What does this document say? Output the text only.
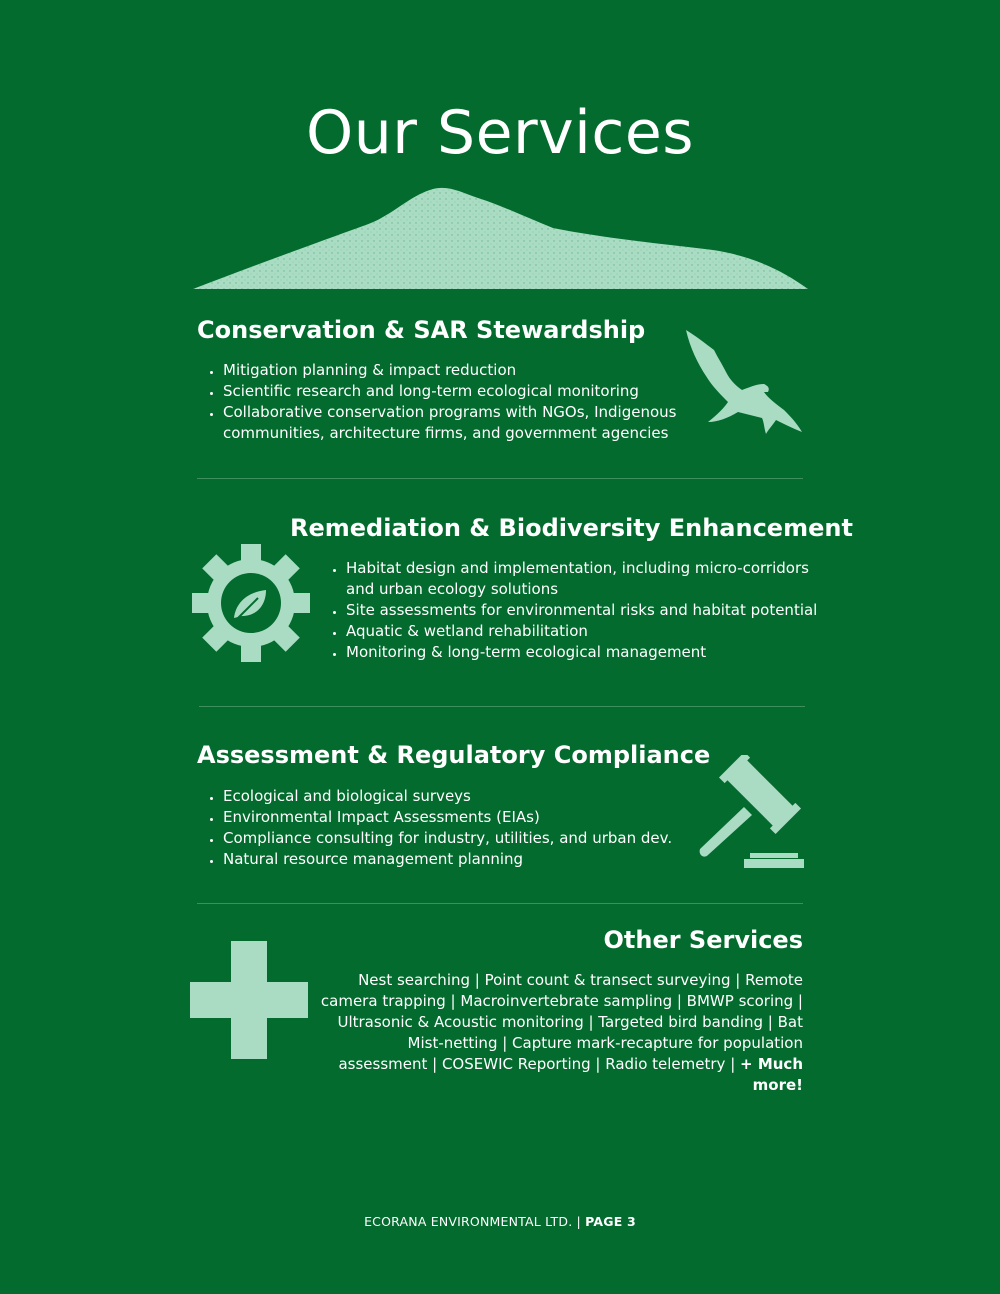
Our Services
Conservation & SAR Stewardship
• Mitigation planning & impact reduction
• Scientific research and long-term ecological monitoring
• Collaborative conservation programs with NGOs, Indigenous communities, architecture firms, and government agencies
Remediation & Biodiversity Enhancement
• Habitat design and implementation, including micro-corridors and urban ecology solutions
• Site assessments for environmental risks and habitat potential
• Aquatic & wetland rehabilitation
• Monitoring & long-term ecological management
Assessment & Regulatory Compliance
• Ecological and biological surveys
• Environmental Impact Assessments (EIAs)
• Compliance consulting for industry, utilities, and urban dev.
• Natural resource management planning
Other Services
Nest searching | Point count & transect surveying | Remote camera trapping | Macroinvertebrate sampling | BMWP scoring | Ultrasonic & Acoustic monitoring | Targeted bird banding | Bat Mist-netting | Capture mark-recapture for population assessment | COSEWIC Reporting | Radio telemetry | + Much more!
ECORANA ENVIRONMENTAL LTD. | PAGE 3
